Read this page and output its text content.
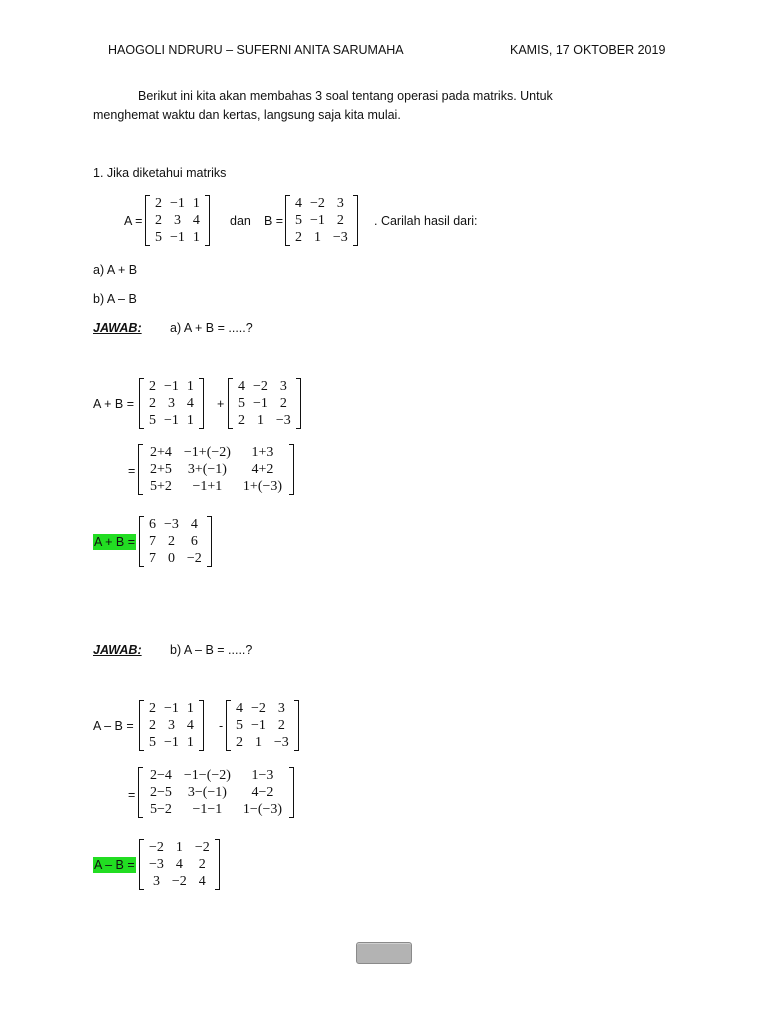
HAOGOLI NDRURU – SUFERNI ANITA SARUMAHA	KAMIS, 17 OKTOBER 2019
Berikut ini kita akan membahas 3 soal tentang operasi pada matriks. Untuk
menghemat waktu dan kertas, langsung saja kita mulai.
1. Jika diketahui matriks
A =
2	−1	1
2	3	4
5	−1	1
dan B =
4	−2	3
5	−1	2
2	1	−3
. Carilah hasil dari:
a) A + B
b) A – B
JAWAB: a) A + B = .....?
A + B =
2	−1	1
2	3	4
5	−1	1
+
4	−2	3
5	−1	2
2	1	−3
=
2+4	−1+(−2)	1+3
2+5	3+(−1)	4+2
5+2	−1+1	1+(−3)
A + B =
6	−3	4
7	2	6
7	0	−2
JAWAB: b) A – B = .....?
A – B =
2	−1	1
2	3	4
5	−1	1
-
4	−2	3
5	−1	2
2	1	−3
=
2−4	−1−(−2)	1−3
2−5	3−(−1)	4−2
5−2	−1−1	1−(−3)
A – B =
−2	1	−2
−3	4	2
3	−2	4
